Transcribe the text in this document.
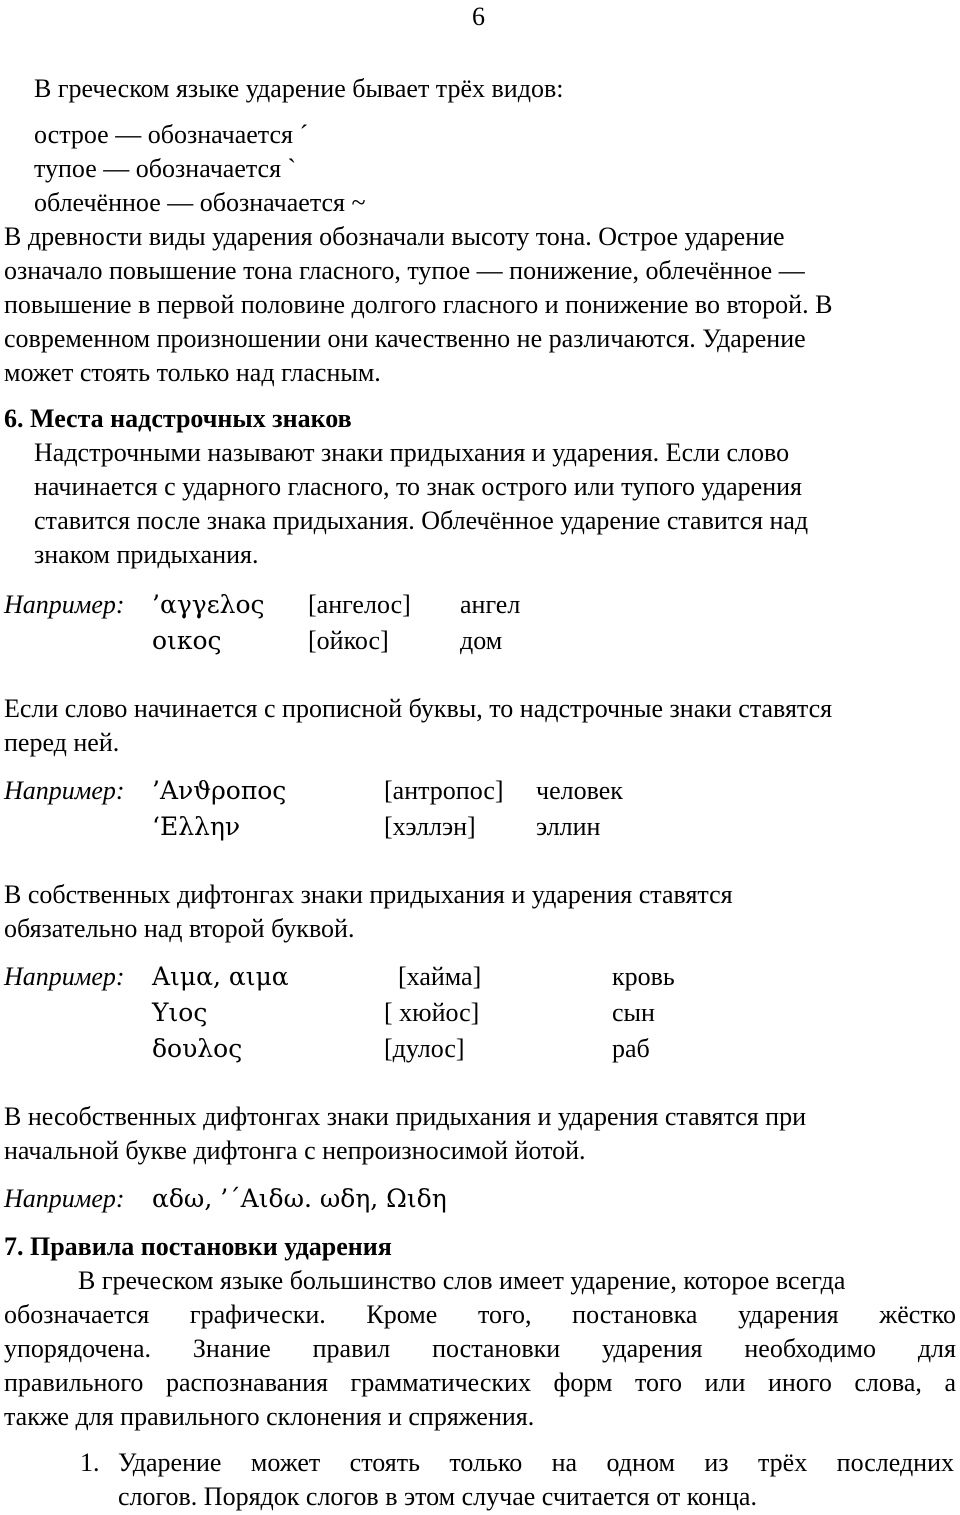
6
В греческом языке ударение бывает трёх видов:
острое — обозначается ´
тупое — обозначается `
облечённое — обозначается ~
В древности виды ударения обозначали высоту тона. Острое ударение
означало повышение тона гласного, тупое — понижение, облечённое —
повышение в первой половине долгого гласного и понижение во второй. В
современном произношении они качественно не различаются. Ударение
может стоять только над гласным.
6. Места надстрочных знаков
Надстрочными называют знаки придыхания и ударения. Если слово
начинается с ударного гласного, то знак острого или тупого ударения
ставится после знака придыхания. Облечённое ударение ставится над
знаком придыхания.
Например: ’αγγελος [ангелос] ангел
οικος	[ойкос]	дом
Если слово начинается с прописной буквы, то надстрочные знаки ставятся
перед ней.
Например: ’Ανϑρoπος	[антропос] человек
‘Ελλην	[хэллэн] эллин
В собственных дифтонгах знаки придыхания и ударения ставятся
обязательно над второй буквой.
Например: Αιμα, αιμα	[хайма]	кровь
Υιος	[ хюйос]	сын
δουλος	[дулос]	раб
В несобственных дифтонгах знаки придыхания и ударения ставятся при
начальной букве дифтонга с непроизносимой йотой.
Например: αδω, ’΄Αιδω. ωδη, Ωιδη
7. Правила постановки ударения
В греческом языке большинство слов имеет ударение, которое всегда
обозначается графически. Кроме того, постановка ударения жёстко
упорядочена. Знание правил постановки ударения необходимо для
правильного распознавания грамматических форм того или иного слова, а
также для правильного склонения и спряжения.
1. Ударение может стоять только на одном из трёх последних
слогов. Порядок слогов в этом случае считается от конца.
